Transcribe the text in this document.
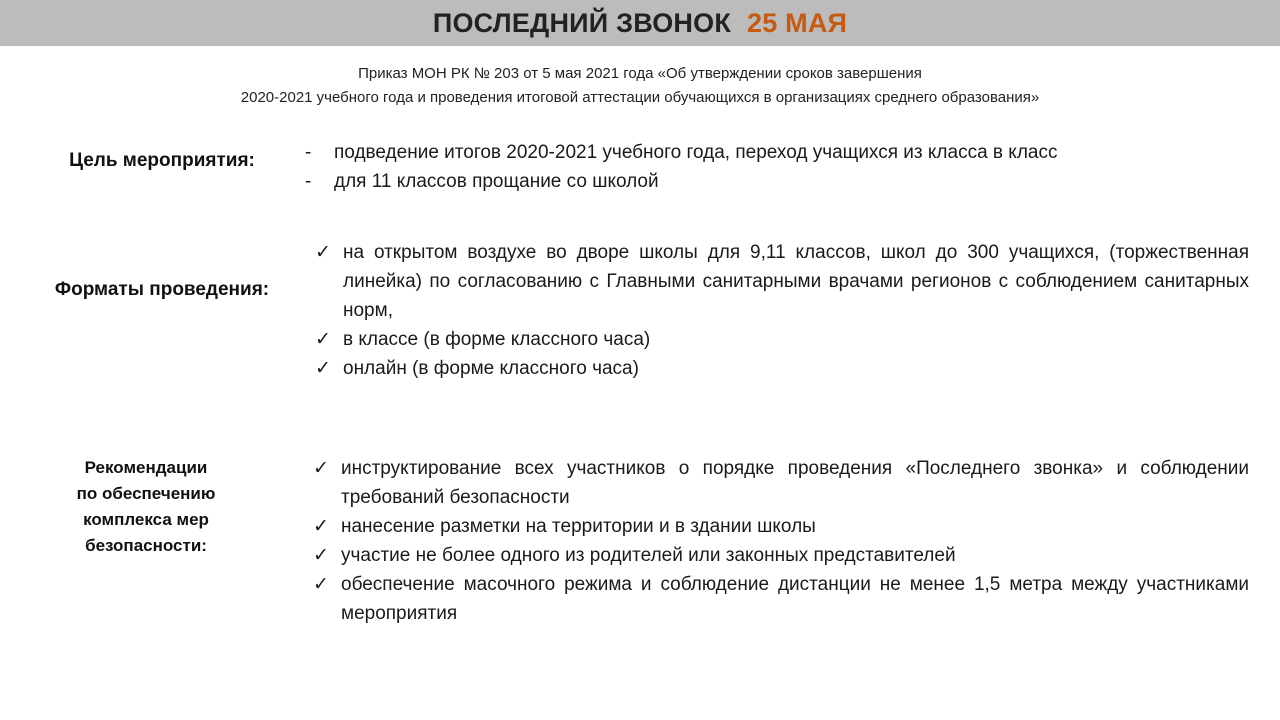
ПОСЛЕДНИЙ ЗВОНОК 25 МАЯ
Приказ МОН РК № 203 от 5 мая 2021 года «Об утверждении сроков завершения
2020-2021 учебного года и проведения итоговой аттестации обучающихся в организациях среднего образования»
Цель мероприятия:	- подведение итогов 2020-2021 учебного года, переход учащихся из класса в класс
- для 11 классов прощание со школой
Форматы проведения:
✓ на открытом воздухе во дворе школы для 9,11 классов, школ до 300 учащихся, (торжественная линейка) по согласованию с Главными санитарными врачами регионов с соблюдением санитарных норм,
✓ в классе (в форме классного часа)
✓ онлайн (в форме классного часа)
Рекомендации
по обеспечению
комплекса мер
безопасности:
✓ инструктирование всех участников о порядке проведения «Последнего звонка» и соблюдении требований безопасности
✓ нанесение разметки на территории и в здании школы
✓ участие не более одного из родителей или законных представителей
✓ обеспечение масочного режима и соблюдение дистанции не менее 1,5 метра между участниками мероприятия
